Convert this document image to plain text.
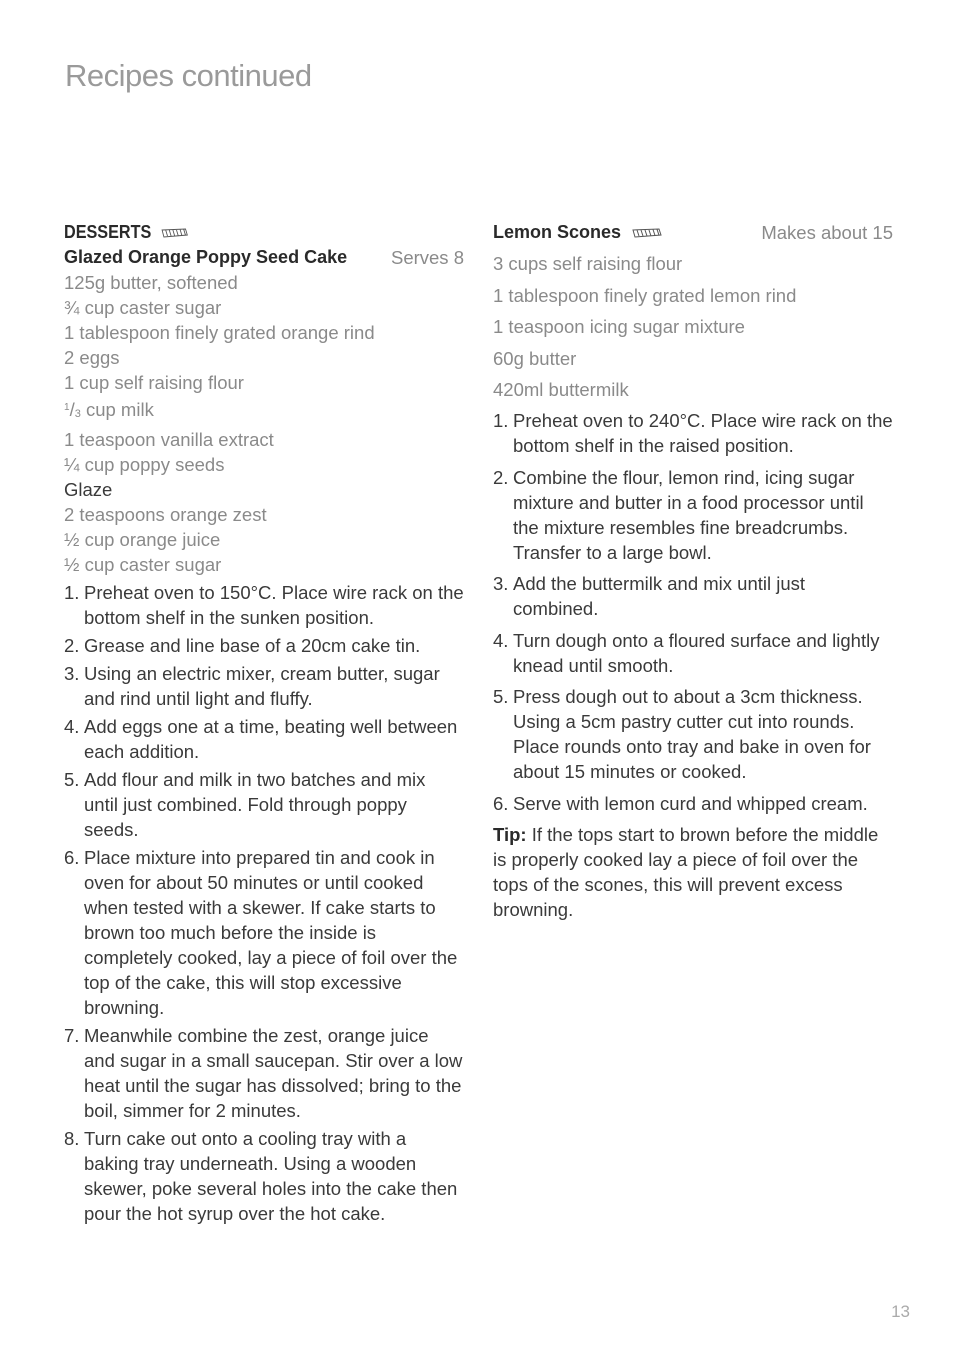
Recipes continued
DESSERTS
Glazed Orange Poppy Seed Cake Serves 8
125g butter, softened
¾ cup caster sugar
1 tablespoon finely grated orange rind
2 eggs
1 cup self raising flour
$^1/_3$ cup milk
1 teaspoon vanilla extract
¼ cup poppy seeds
Glaze
2 teaspoons orange zest
½ cup orange juice
½ cup caster sugar
1. Preheat oven to 150°C. Place wire rack on the bottom shelf in the sunken position.
2. Grease and line base of a 20cm cake tin.
3. Using an electric mixer, cream butter, sugar and rind until light and fluffy.
4. Add eggs one at a time, beating well between each addition.
5. Add flour and milk in two batches and mix until just combined. Fold through poppy seeds.
6. Place mixture into prepared tin and cook in oven for about 50 minutes or until cooked when tested with a skewer. If cake starts to brown too much before the inside is completely cooked, lay a piece of foil over the top of the cake, this will stop excessive browning.
7. Meanwhile combine the zest, orange juice and sugar in a small saucepan. Stir over a low heat until the sugar has dissolved; bring to the boil, simmer for 2 minutes.
8. Turn cake out onto a cooling tray with a baking tray underneath. Using a wooden skewer, poke several holes into the cake then pour the hot syrup over the hot cake.
Lemon Scones	Makes about 15
3 cups self raising flour
1 tablespoon finely grated lemon rind
1 teaspoon icing sugar mixture
60g butter
420ml buttermilk
1. Preheat oven to 240°C. Place wire rack on the bottom shelf in the raised position.
2. Combine the flour, lemon rind, icing sugar mixture and butter in a food processor until the mixture resembles fine breadcrumbs. Transfer to a large bowl.
3. Add the buttermilk and mix until just combined.
4. Turn dough onto a floured surface and lightly knead until smooth.
5. Press dough out to about a 3cm thickness. Using a 5cm pastry cutter cut into rounds. Place rounds onto tray and bake in oven for about 15 minutes or cooked.
6. Serve with lemon curd and whipped cream.
Tip: If the tops start to brown before the middle is properly cooked lay a piece of foil over the tops of the scones, this will prevent excess browning.
13
